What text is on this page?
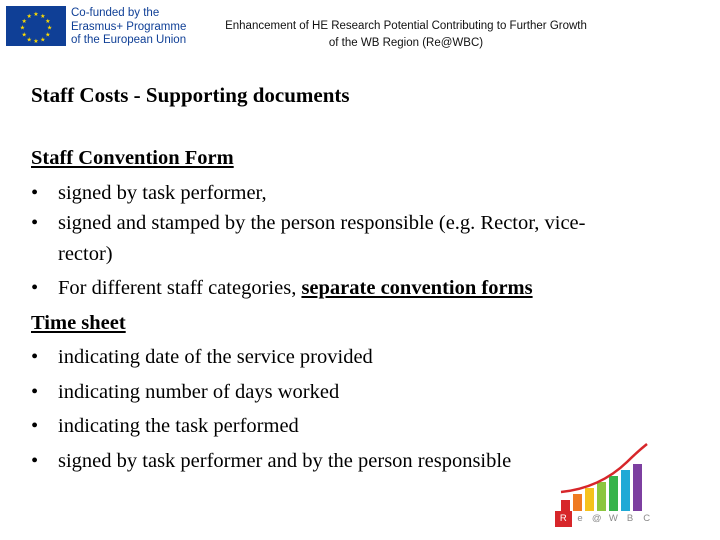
★ ★
★
★
★
★
★
★
★
★
★
★	Co-funded by the
Erasmus+ Programme
of the European Union
Enhancement of HE Research Potential Contributing to Further Growth
of the WB Region (Re@WBC)
Staff Costs - Supporting documents
Staff Convention Form
• signed by task performer,
• signed and stamped by the person responsible (e.g. Rector, vice-
rector)
• For different staff categories, separate convention forms
Time sheet
• indicating date of the service provided
• indicating number of days worked
• indicating the task performed
• signed by task performer and by the person responsible
R	e @ W B	C
